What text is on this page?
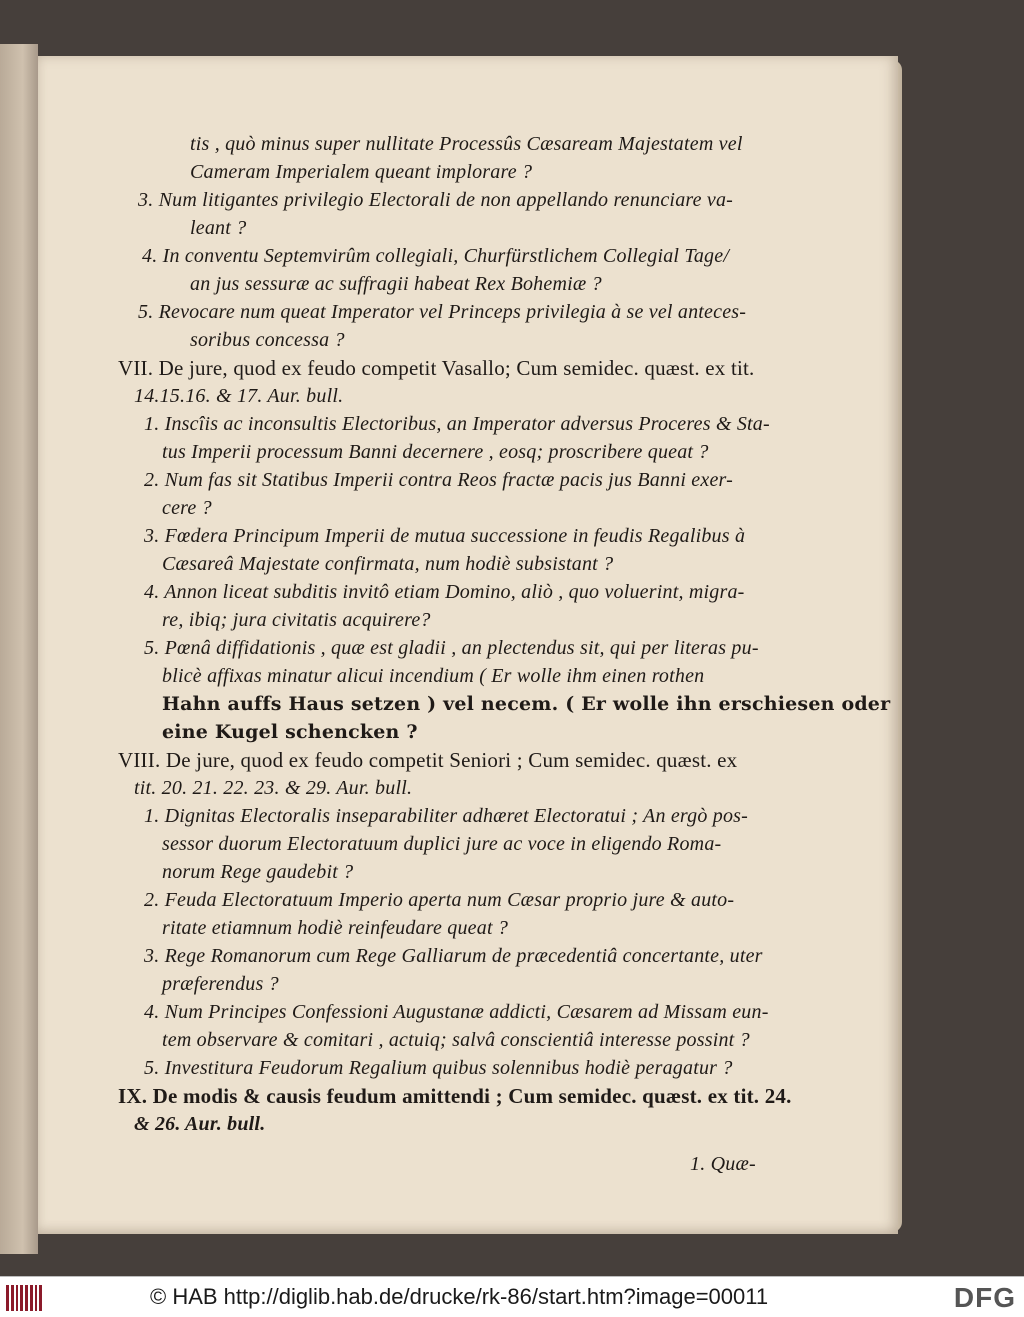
tis , quò minus super nullitate Processûs Cæsaream Majestatem vel
Cameram Imperialem queant implorare ?
3. Num litigantes privilegio Electorali de non appellando renunciare va-
leant ?
4. In conventu Septemvirûm collegiali, Churfürstlichem Collegial Tage/
an jus sessuræ ac suffragii habeat Rex Bohemiæ ?
5. Revocare num queat Imperator vel Princeps privilegia à se vel anteces-
soribus concessa ?
VII. De jure, quod ex feudo competit Vasallo; Cum semidec. quæst. ex tit.
14.15.16. & 17. Aur. bull.
1. Inscîis ac inconsultis Electoribus, an Imperator adversus Proceres & Sta-
tus Imperii processum Banni decernere , eosq; proscribere queat ?
2. Num fas sit Statibus Imperii contra Reos fractæ pacis jus Banni exer-
cere ?
3. Fœdera Principum Imperii de mutua successione in feudis Regalibus à
Cæsareâ Majestate confirmata, num hodiè subsistant ?
4. Annon liceat subditis invitô etiam Domino, aliò , quo voluerint, migra-
re, ibiq; jura civitatis acquirere?
5. Pœnâ diffidationis , quæ est gladii , an plectendus sit, qui per literas pu-
blicè affixas minatur alicui incendium ( Er wolle ihm einen rothen
Hahn auffs Haus setzen ) vel necem. ( Er wolle ihn erschiesen oder
eine Kugel schencken ?
VIII. De jure, quod ex feudo competit Seniori ; Cum semidec. quæst. ex
tit. 20. 21. 22. 23. & 29. Aur. bull.
1. Dignitas Electoralis inseparabiliter adhæret Electoratui ; An ergò pos-
sessor duorum Electoratuum duplici jure ac voce in eligendo Roma-
norum Rege gaudebit ?
2. Feuda Electoratuum Imperio aperta num Cæsar proprio jure & auto-
ritate etiamnum hodiè reinfeudare queat ?
3. Rege Romanorum cum Rege Galliarum de præcedentiâ concertante, uter
præferendus ?
4. Num Principes Confessioni Augustanæ addicti, Cæsarem ad Missam eun-
tem observare & comitari , actuiq; salvâ conscientiâ interesse possint ?
5. Investitura Feudorum Regalium quibus solennibus hodiè peragatur ?
IX. De modis & causis feudum amittendi ; Cum semidec. quæst. ex tit. 24.
& 26. Aur. bull.
1. Quæ-
© HAB http://diglib.hab.de/drucke/rk-86/start.htm?image=00011	DFG
